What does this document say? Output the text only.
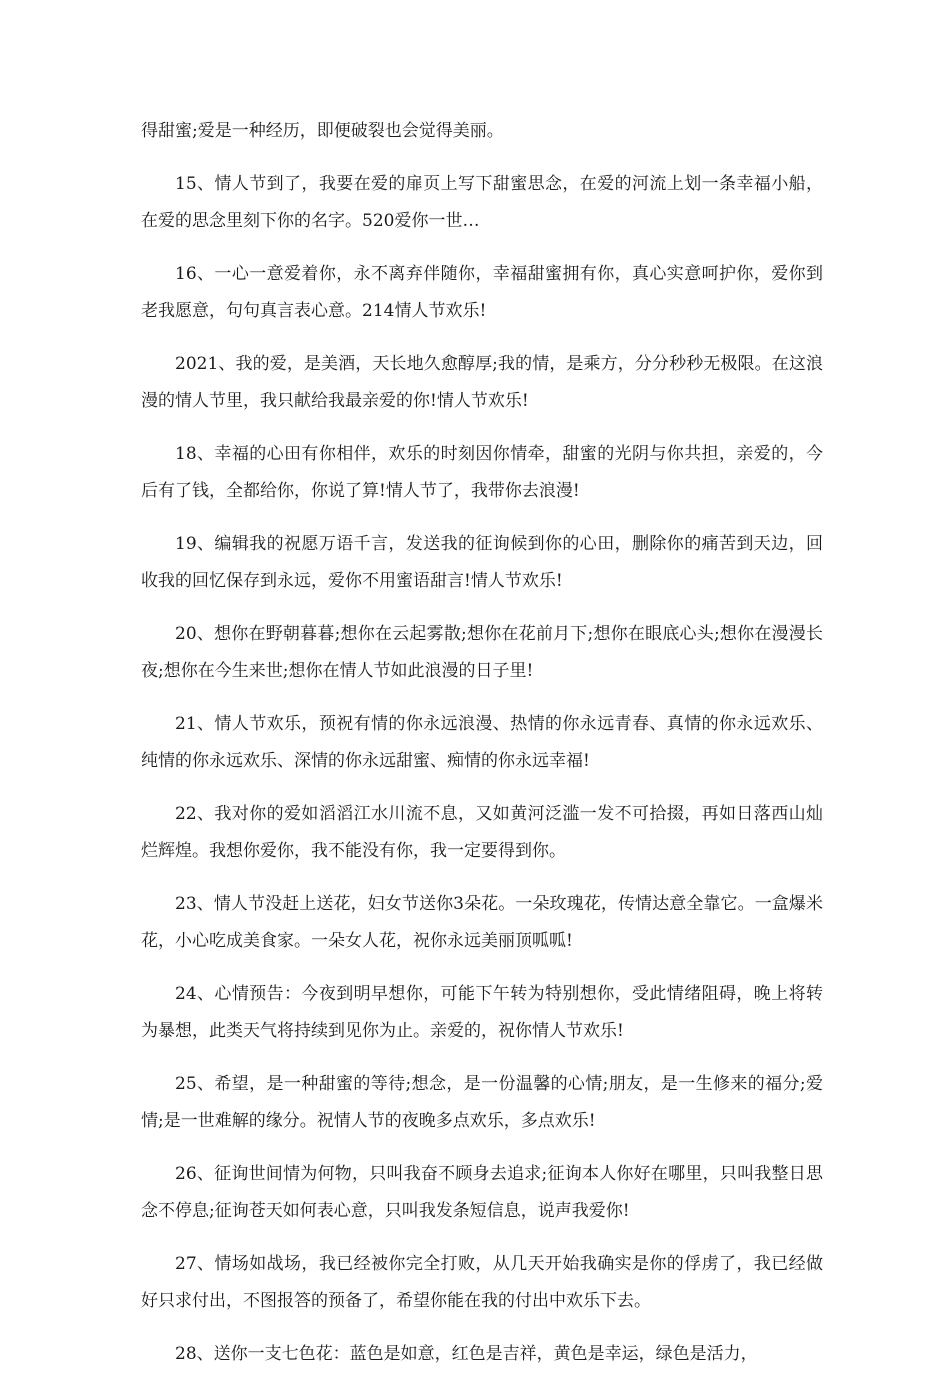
得甜蜜;爱是一种经历，即便破裂也会觉得美丽。

15、情人节到了，我要在爱的扉页上写下甜蜜思念，在爱的河流上划一条幸福小船，在爱的思念里刻下你的名字。520爱你一世…

16、一心一意爱着你，永不离弃伴随你，幸福甜蜜拥有你，真心实意呵护你，爱你到老我愿意，句句真言表心意。214情人节欢乐!

2021、我的爱，是美酒，天长地久愈醇厚;我的情，是乘方，分分秒秒无极限。在这浪漫的情人节里，我只献给我最亲爱的你!情人节欢乐!

18、幸福的心田有你相伴，欢乐的时刻因你情牵，甜蜜的光阴与你共担，亲爱的，今后有了钱，全都给你，你说了算!情人节了，我带你去浪漫!

19、编辑我的祝愿万语千言，发送我的征询候到你的心田，删除你的痛苦到天边，回收我的回忆保存到永远，爱你不用蜜语甜言!情人节欢乐!

20、想你在野朝暮暮;想你在云起雾散;想你在花前月下;想你在眼底心头;想你在漫漫长夜;想你在今生来世;想你在情人节如此浪漫的日子里!

21、情人节欢乐，预祝有情的你永远浪漫、热情的你永远青春、真情的你永远欢乐、纯情的你永远欢乐、深情的你永远甜蜜、痴情的你永远幸福!

22、我对你的爱如滔滔江水川流不息，又如黄河泛滥一发不可拾掇，再如日落西山灿烂辉煌。我想你爱你，我不能没有你，我一定要得到你。

23、情人节没赶上送花，妇女节送你3朵花。一朵玫瑰花，传情达意全靠它。一盒爆米花，小心吃成美食家。一朵女人花，祝你永远美丽顶呱呱!

24、心情预告：今夜到明早想你，可能下午转为特别想你，受此情绪阻碍，晚上将转为暴想，此类天气将持续到见你为止。亲爱的，祝你情人节欢乐!

25、希望，是一种甜蜜的等待;想念，是一份温馨的心情;朋友，是一生修来的福分;爱情;是一世难解的缘分。祝情人节的夜晚多点欢乐，多点欢乐!

26、征询世间情为何物，只叫我奋不顾身去追求;征询本人你好在哪里，只叫我整日思念不停息;征询苍天如何表心意，只叫我发条短信息，说声我爱你!

27、情场如战场，我已经被你完全打败，从几天开始我确实是你的俘虏了，我已经做好只求付出，不图报答的预备了，希望你能在我的付出中欢乐下去。

28、送你一支七色花：蓝色是如意，红色是吉祥，黄色是幸运，绿色是活力，
